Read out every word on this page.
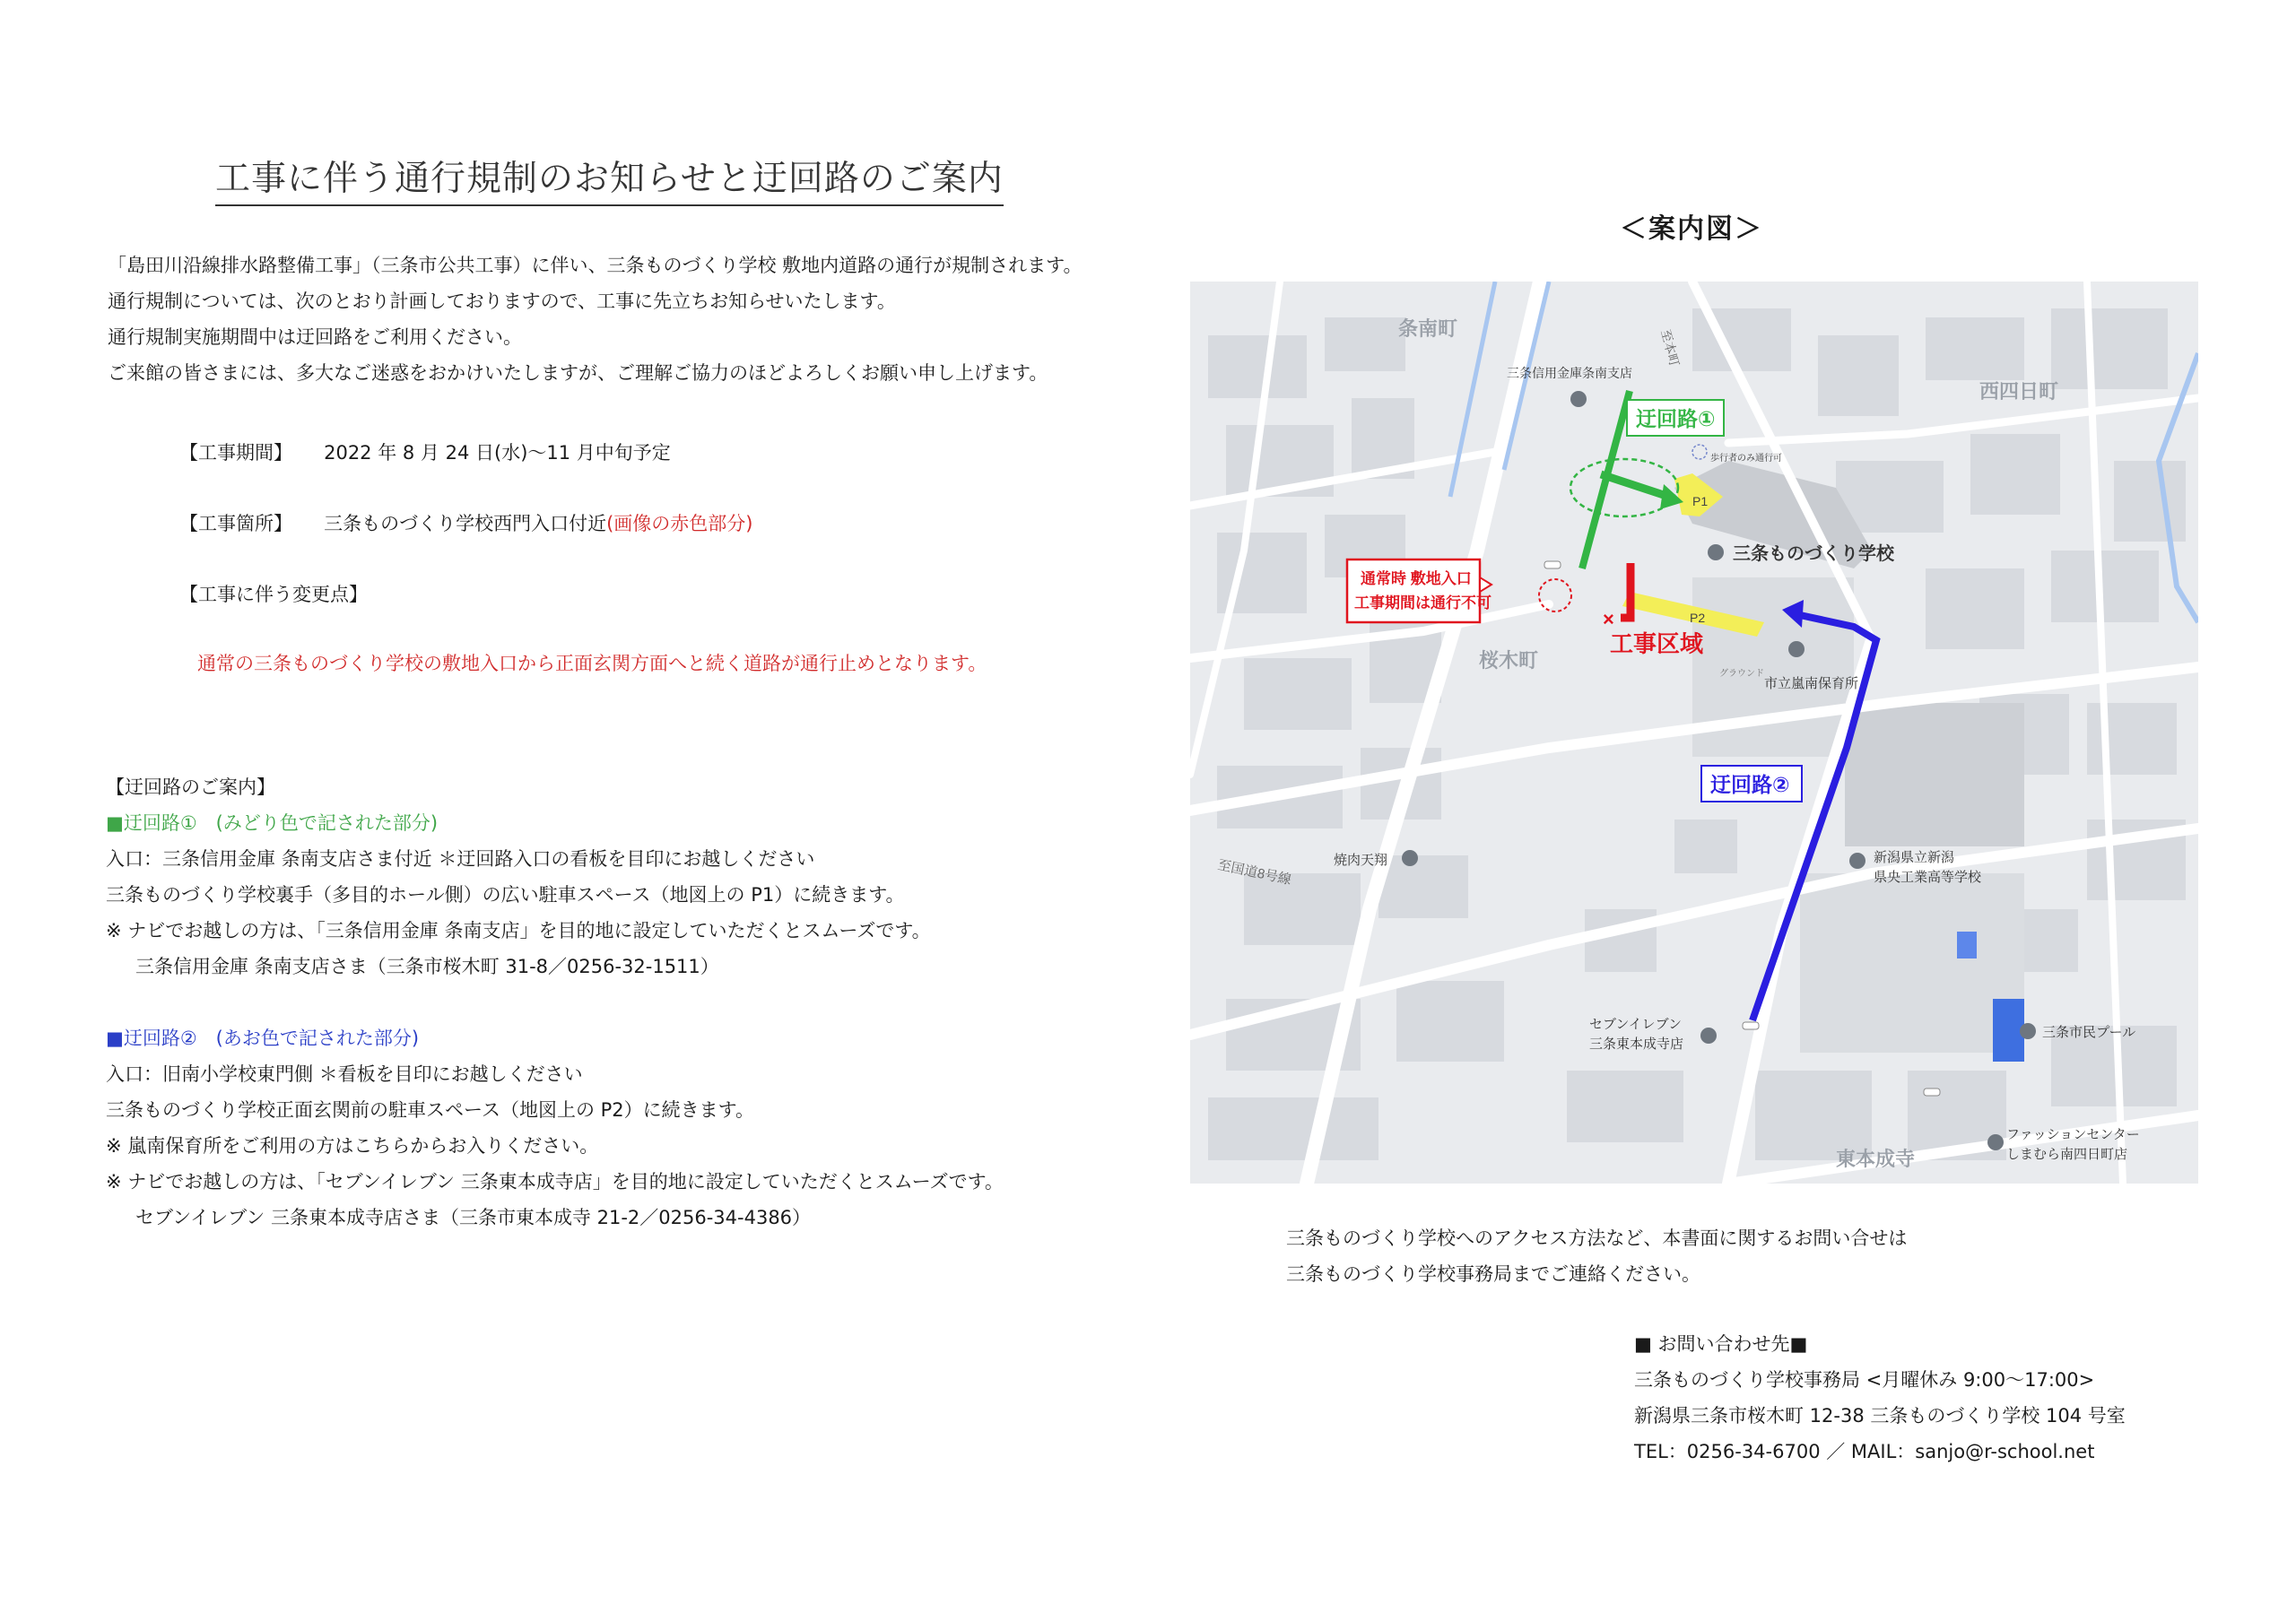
工事に伴う通行規制のお知らせと迂回路のご案内
「島田川沿線排水路整備工事」（三条市公共工事）に伴い、三条ものづくり学校 敷地内道路の通行が規制されます。
通行規制については、次のとおり計画しておりますので、工事に先立ちお知らせいたします。
通行規制実施期間中は迂回路をご利用ください。
ご来館の皆さまには、多大なご迷惑をおかけいたしますが、ご理解ご協力のほどよろしくお願い申し上げます。
【工事期間】 2022 年 8 月 24 日(水)～11 月中旬予定
【工事箇所】 三条ものづくり学校西門入口付近(画像の赤色部分)
【工事に伴う変更点】
通常の三条ものづくり学校の敷地入口から正面玄関方面へと続く道路が通行止めとなります。
【迂回路のご案内】
■迂回路①　(みどり色で記された部分)
入口：三条信用金庫 条南支店さま付近 ＊迂回路入口の看板を目印にお越しください
三条ものづくり学校裏手（多目的ホール側）の広い駐車スペース（地図上の P1）に続きます。
※ ナビでお越しの方は、「三条信用金庫 条南支店」を目的地に設定していただくとスムーズです。
三条信用金庫 条南支店さま（三条市桜木町 31-8／0256-32-1511）
■迂回路②　(あお色で記された部分)
入口：旧南小学校東門側 ＊看板を目印にお越しください
三条ものづくり学校正面玄関前の駐車スペース（地図上の P2）に続きます。
※ 嵐南保育所をご利用の方はこちらからお入りください。
※ ナビでお越しの方は、「セブンイレブン 三条東本成寺店」を目的地に設定していただくとスムーズです。
セブンイレブン 三条東本成寺店さま（三条市東本成寺 21-2／0256-34-4386）
＜案内図＞
P1
P2
条南町
西四日町
桜木町
東本成寺
至国道8号線
至本町
三条信用金庫条南支店
三条ものづくり学校
市立嵐南保育所
新潟県立新潟
県央工業高等学校
焼肉天翔
セブンイレブン
三条東本成寺店
三条市民プール
ファッションセンター
しまむら南四日町店
グラウンド
迂回路①
歩行者のみ通行可
通常時 敷地入口
工事期間は通行不可
×
工事区域
迂回路②
三条ものづくり学校へのアクセス方法など、本書面に関するお問い合せは
三条ものづくり学校事務局までご連絡ください。
■ お問い合わせ先■
三条ものづくり学校事務局 <月曜休み 9:00～17:00>
新潟県三条市桜木町 12-38 三条ものづくり学校 104 号室
TEL：0256-34-6700 ／ MAIL：sanjo@r-school.net
